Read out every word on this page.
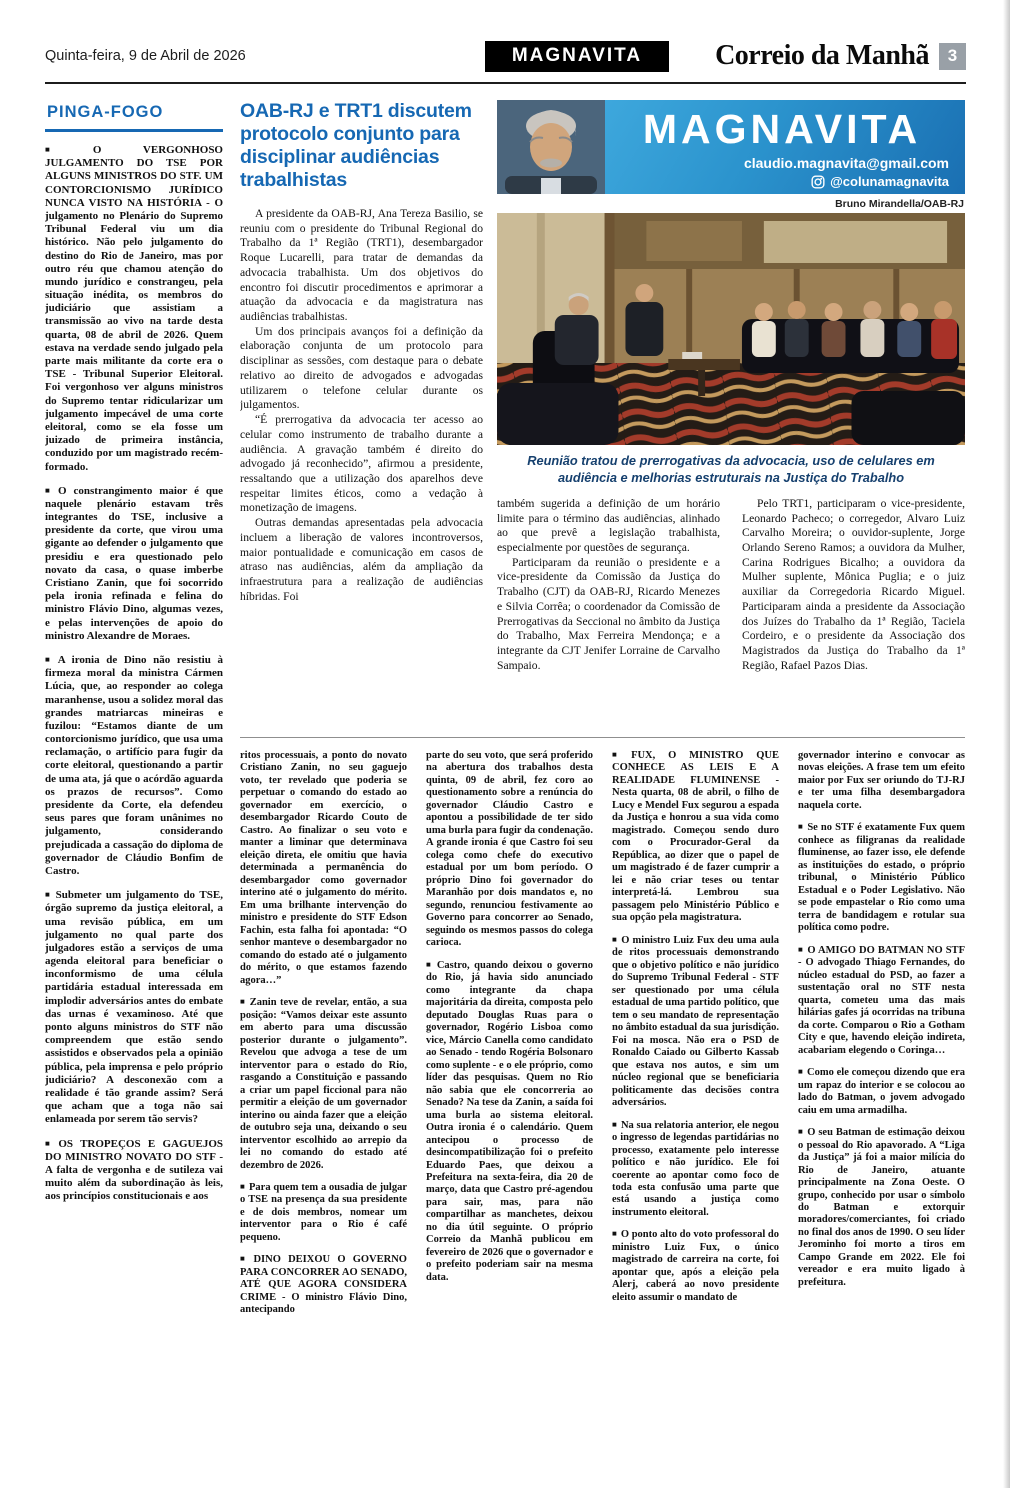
Quinta-feira, 9 de Abril de 2026	MAGNAVITA	Correio da Manhã	3
PINGA-FOGO

■ O VERGONHOSO JULGAMENTO DO TSE POR ALGUNS MINISTROS DO STF. UM CONTORCIONISMO JURÍDICO NUNCA VISTO NA HISTÓRIA - O julgamento no Plenário do Supremo Tribunal Federal viu um dia histórico. Não pelo julgamento do destino do Rio de Janeiro, mas por outro réu que chamou atenção do mundo jurídico e constrangeu, pela situação inédita, os membros do judiciário que assistiam a transmissão ao vivo na tarde desta quarta, 08 de abril de 2026. Quem estava na verdade sendo julgado pela parte mais militante da corte era o TSE - Tribunal Superior Eleitoral. Foi vergonhoso ver alguns ministros do Supremo tentar ridicularizar um julgamento impecável de uma corte eleitoral, como se ela fosse um juizado de primeira instância, conduzido por um magistrado recém-formado.

■ O constrangimento maior é que naquele plenário estavam três integrantes do TSE, inclusive a presidente da corte, que virou uma gigante ao defender o julgamento que presidiu e era questionado pelo novato da casa, o quase imberbe Cristiano Zanin, que foi socorrido pela ironia refinada e felina do ministro Flávio Dino, algumas vezes, e pelas intervenções de apoio do ministro Alexandre de Moraes.

■ A ironia de Dino não resistiu à firmeza moral da ministra Cármen Lúcia, que, ao responder ao colega maranhense, usou a solidez moral das grandes matriarcas mineiras e fuzilou: “Estamos diante de um contorcionismo jurídico, que usa uma reclamação, o artifício para fugir da corte eleitoral, questionando a partir de uma ata, já que o acórdão aguarda os prazos de recursos”. Como presidente da Corte, ela defendeu seus pares que foram unânimes no julgamento, considerando prejudicada a cassação do diploma de governador de Cláudio Bonfim de Castro.

■ Submeter um julgamento do TSE, órgão supremo da justiça eleitoral, a uma revisão pública, em um julgamento no qual parte dos julgadores estão a serviços de uma agenda eleitoral para beneficiar o inconformismo de uma célula partidária estadual interessada em implodir adversários antes do embate das urnas é vexaminoso. Até que ponto alguns ministros do STF não compreendem que estão sendo assistidos e observados pela a opinião pública, pela imprensa e pelo próprio judiciário? A desconexão com a realidade é tão grande assim? Será que acham que a toga não sai enlameada por serem tão servis?

■ OS TROPEÇOS E GAGUEJOS DO MINISTRO NOVATO DO STF - A falta de vergonha e de sutileza vai muito além da subordinação às leis, aos princípios constitucionais e aos

OAB-RJ e TRT1 discutem protocolo conjunto para disciplinar audiências trabalhistas

A presidente da OAB-RJ, Ana Tereza Basilio, se reuniu com o presidente do Tribunal Regional do Trabalho da 1ª Região (TRT1), desembargador Roque Lucarelli, para tratar de demandas da advocacia trabalhista. Um dos objetivos do encontro foi discutir procedimentos e aprimorar a atuação da advocacia e da magistratura nas audiências trabalhistas.

Um dos principais avanços foi a definição da elaboração conjunta de um protocolo para disciplinar as sessões, com destaque para o debate relativo ao direito de advogados e advogadas utilizarem o telefone celular durante os julgamentos.

“É prerrogativa da advocacia ter acesso ao celular como instrumento de trabalho durante a audiência. A gravação também é direito do advogado já reconhecido”, afirmou a presidente, ressaltando que a utilização dos aparelhos deve respeitar limites éticos, como a vedação à monetização de imagens.

Outras demandas apresentadas pela advocacia incluem a liberação de valores incontroversos, maior pontualidade e comunicação em casos de atraso nas audiências, além da ampliação da infraestrutura para a realização de audiências híbridas. Foi

MAGNAVITA
claudio.magnavita@gmail.com
@colunamagnavita
Bruno Mirandella/OAB-RJ
Reunião tratou de prerrogativas da advocacia, uso de celulares em audiência e melhorias estruturais na Justiça do Trabalho

também sugerida a definição de um horário limite para o término das audiências, alinhado ao que prevê a legislação trabalhista, especialmente por questões de segurança.

Participaram da reunião o presidente e a vice-presidente da Comissão da Justiça do Trabalho (CJT) da OAB-RJ, Ricardo Menezes e Silvia Corrêa; o coordenador da Comissão de Prerrogativas da Seccional no âmbito da Justiça do Trabalho, Max Ferreira Mendonça; e a integrante da CJT Jenifer Lorraine de Carvalho Sampaio.

Pelo TRT1, participaram o vice-presidente, Leonardo Pacheco; o corregedor, Alvaro Luiz Carvalho Moreira; o ouvidor-suplente, Jorge Orlando Sereno Ramos; a ouvidora da Mulher, Carina Rodrigues Bicalho; a ouvidora da Mulher suplente, Mônica Puglia; e o juiz auxiliar da Corregedoria Ricardo Miguel. Participaram ainda a presidente da Associação dos Juízes do Trabalho da 1ª Região, Taciela Cordeiro, e o presidente da Associação dos Magistrados da Justiça do Trabalho da 1ª Região, Rafael Pazos Dias.

ritos processuais, a ponto do novato Cristiano Zanin, no seu gaguejo voto, ter revelado que poderia se perpetuar o comando do estado ao governador em exercício, o desembargador Ricardo Couto de Castro. Ao finalizar o seu voto e manter a liminar que determinava eleição direta, ele omitiu que havia determinada a permanência do desembargador como governador interino até o julgamento do mérito. Em uma brilhante intervenção do ministro e presidente do STF Edson Fachin, esta falha foi apontada: “O senhor manteve o desembargador no comando do estado até o julgamento do mérito, o que estamos fazendo agora…”

■ Zanin teve de revelar, então, a sua posição: “Vamos deixar este assunto em aberto para uma discussão posterior durante o julgamento”. Revelou que advoga a tese de um interventor para o estado do Rio, rasgando a Constituição e passando a criar um papel ficcional para não permitir a eleição de um governador interino ou ainda fazer que a eleição de outubro seja una, deixando o seu interventor escolhido ao arrepio da lei no comando do estado até dezembro de 2026.

■ Para quem tem a ousadia de julgar o TSE na presença da sua presidente e de dois membros, nomear um interventor para o Rio é café pequeno.

■ DINO DEIXOU O GOVERNO PARA CONCORRER AO SENADO, ATÉ QUE AGORA CONSIDERA CRIME - O ministro Flávio Dino, antecipando

parte do seu voto, que será proferido na abertura dos trabalhos desta quinta, 09 de abril, fez coro ao questionamento sobre a renúncia do governador Cláudio Castro e apontou a possibilidade de ter sido uma burla para fugir da condenação. A grande ironia é que Castro foi seu colega como chefe do executivo estadual por um bom período. O próprio Dino foi governador do Maranhão por dois mandatos e, no segundo, renunciou festivamente ao Governo para concorrer ao Senado, seguindo os mesmos passos do colega carioca.

■ Castro, quando deixou o governo do Rio, já havia sido anunciado como integrante da chapa majoritária da direita, composta pelo deputado Douglas Ruas para o governador, Rogério Lisboa como vice, Márcio Canella como candidato ao Senado - tendo Rogéria Bolsonaro como suplente - e o ele próprio, como líder das pesquisas. Quem no Rio não sabia que ele concorreria ao Senado? Na tese da Zanin, a saída foi uma burla ao sistema eleitoral. Outra ironia é o calendário. Quem antecipou o processo de desincompatibilização foi o prefeito Eduardo Paes, que deixou a Prefeitura na sexta-feira, dia 20 de março, data que Castro pré-agendou para sair, mas, para não compartilhar as manchetes, deixou no dia útil seguinte. O próprio Correio da Manhã publicou em fevereiro de 2026 que o governador e o prefeito poderiam sair na mesma data.

■ FUX, O MINISTRO QUE CONHECE AS LEIS E A REALIDADE FLUMINENSE - Nesta quarta, 08 de abril, o filho de Lucy e Mendel Fux segurou a espada da Justiça e honrou a sua vida como magistrado. Começou sendo duro com o Procurador-Geral da República, ao dizer que o papel de um magistrado é de fazer cumprir a lei e não criar teses ou tentar interpretá-lá. Lembrou sua passagem pelo Ministério Público e sua opção pela magistratura.

■ O ministro Luiz Fux deu uma aula de ritos processuais demonstrando que o objetivo político e não jurídico do Supremo Tribunal Federal - STF ser questionado por uma célula estadual de uma partido político, que tem o seu mandato de representação no âmbito estadual da sua jurisdição. Foi na mosca. Não era o PSD de Ronaldo Caiado ou Gilberto Kassab que estava nos autos, e sim um núcleo regional que se beneficiaria politicamente das decisões contra adversários.

■ Na sua relatoria anterior, ele negou o ingresso de legendas partidárias no processo, exatamente pelo interesse político e não jurídico. Ele foi coerente ao apontar como foco de toda esta confusão uma parte que está usando a justiça como instrumento eleitoral.

■ O ponto alto do voto professoral do ministro Luiz Fux, o único magistrado de carreira na corte, foi apontar que, após a eleição pela Alerj, caberá ao novo presidente eleito assumir o mandato de

governador interino e convocar as novas eleições. A frase tem um efeito maior por Fux ser oriundo do TJ-RJ e ter uma filha desembargadora naquela corte.

■ Se no STF é exatamente Fux quem conhece as filigranas da realidade fluminense, ao fazer isso, ele defende as instituições do estado, o próprio tribunal, o Ministério Público Estadual e o Poder Legislativo. Não se pode empastelar o Rio como uma terra de bandidagem e rotular sua política como podre.

■ O AMIGO DO BATMAN NO STF - O advogado Thiago Fernandes, do núcleo estadual do PSD, ao fazer a sustentação oral no STF nesta quarta, cometeu uma das mais hilárias gafes já ocorridas na tribuna da corte. Comparou o Rio a Gotham City e que, havendo eleição indireta, acabariam elegendo o Coringa…

■ Como ele começou dizendo que era um rapaz do interior e se colocou ao lado do Batman, o jovem advogado caiu em uma armadilha.

■ O seu Batman de estimação deixou o pessoal do Rio apavorado. A “Liga da Justiça” já foi a maior milícia do Rio de Janeiro, atuante principalmente na Zona Oeste. O grupo, conhecido por usar o símbolo do Batman e extorquir moradores/comerciantes, foi criado no final dos anos de 1990. O seu líder Jerominho foi morto a tiros em Campo Grande em 2022. Ele foi vereador e era muito ligado à prefeitura.
